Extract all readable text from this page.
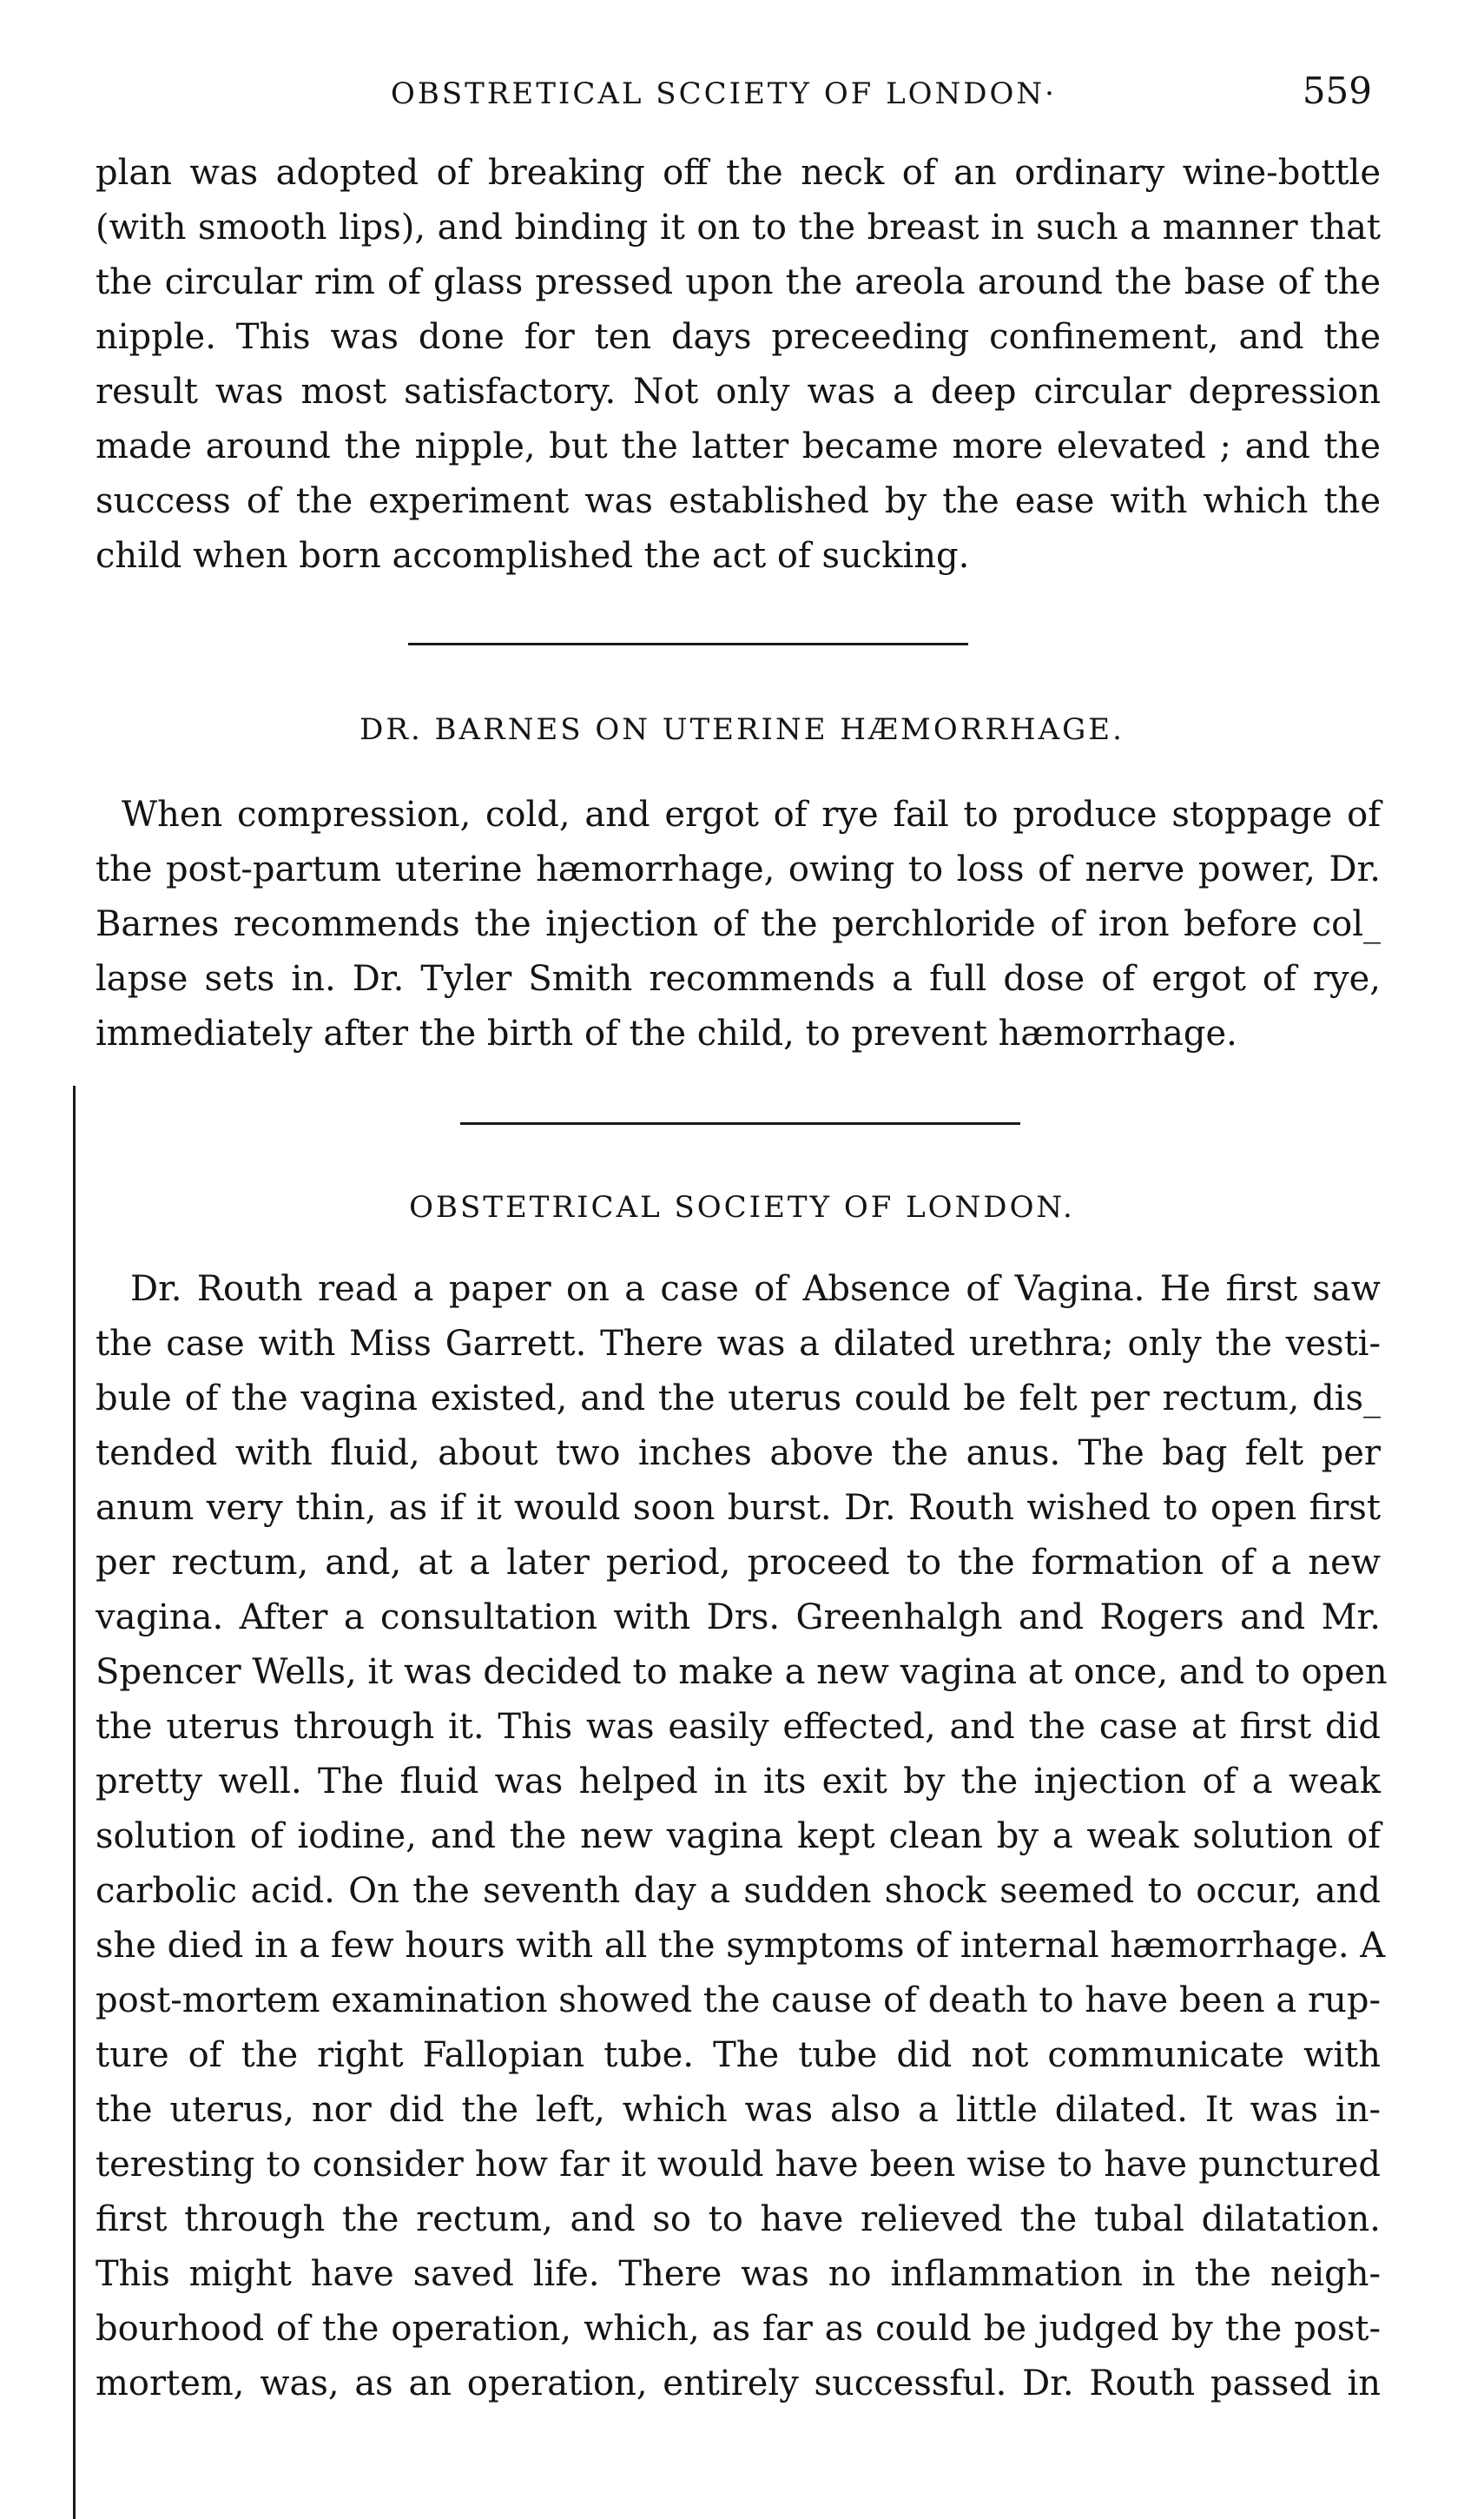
OBSTRETICAL SCCIETY OF LONDON·	559
plan was adopted of breaking off the neck of an ordinary wine-bottle
(with smooth lips), and binding it on to the breast in such a manner that
the circular rim of glass pressed upon the areola around the base of the
nipple. This was done for ten days preceeding confinement, and the
result was most satisfactory. Not only was a deep circular depression
made around the nipple, but the latter became more elevated ; and the
success of the experiment was established by the ease with which the
child when born accomplished the act of sucking.
DR. BARNES ON UTERINE HÆMORRHAGE.
When compression, cold, and ergot of rye fail to produce stoppage of
the post-partum uterine hæmorrhage, owing to loss of nerve power, Dr.
Barnes recommends the injection of the perchloride of iron before col_
lapse sets in. Dr. Tyler Smith recommends a full dose of ergot of rye,
immediately after the birth of the child, to prevent hæmorrhage.
OBSTETRICAL SOCIETY OF LONDON.
Dr. Routh read a paper on a case of Absence of Vagina. He first saw
the case with Miss Garrett. There was a dilated urethra; only the vesti-
bule of the vagina existed, and the uterus could be felt per rectum, dis_
tended with fluid, about two inches above the anus. The bag felt per
anum very thin, as if it would soon burst. Dr. Routh wished to open first
per rectum, and, at a later period, proceed to the formation of a new
vagina. After a consultation with Drs. Greenhalgh and Rogers and Mr.
Spencer Wells, it was decided to make a new vagina at once, and to open
the uterus through it. This was easily effected, and the case at first did
pretty well. The fluid was helped in its exit by the injection of a weak
solution of iodine, and the new vagina kept clean by a weak solution of
carbolic acid. On the seventh day a sudden shock seemed to occur, and
she died in a few hours with all the symptoms of internal hæmorrhage. A
post-mortem examination showed the cause of death to have been a rup-
ture of the right Fallopian tube. The tube did not communicate with
the uterus, nor did the left, which was also a little dilated. It was in-
teresting to consider how far it would have been wise to have punctured
first through the rectum, and so to have relieved the tubal dilatation.
This might have saved life. There was no inflammation in the neigh-
bourhood of the operation, which, as far as could be judged by the post-
mortem, was, as an operation, entirely successful. Dr. Routh passed in
